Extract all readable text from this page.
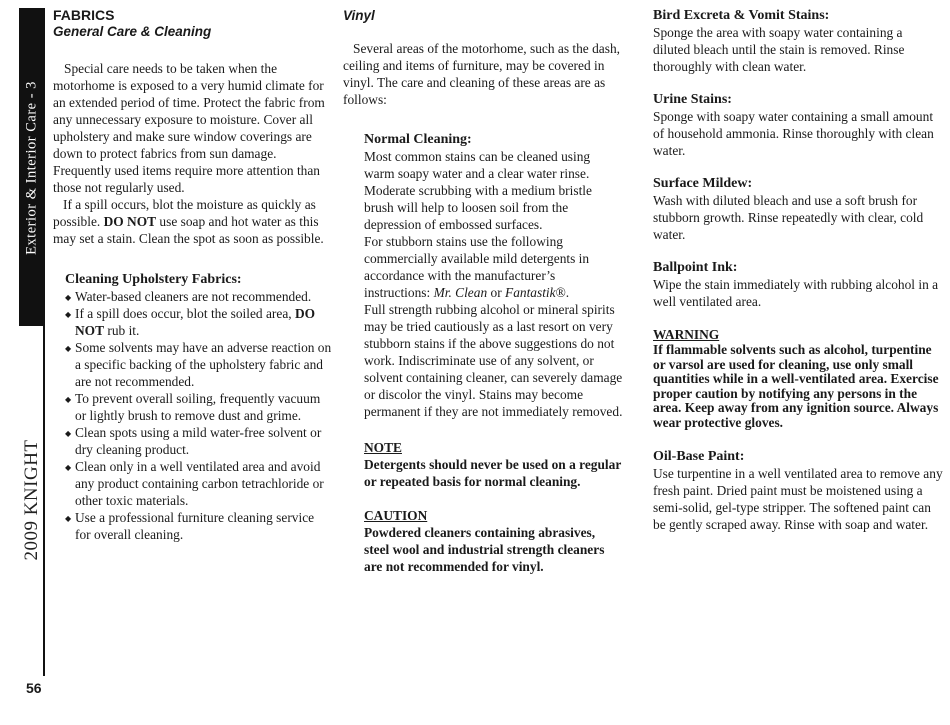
Exterior & Interior Care - 3
2009 KNIGHT
56
FABRICS
General Care & Cleaning

Special care needs to be taken when the motorhome is exposed to a very humid climate for an extended period of time. Protect the fabric from any unnecessary exposure to moisture. Cover all upholstery and make sure window coverings are down to protect fabrics from sun damage. Frequently used items require more attention than those not regularly used.

If a spill occurs, blot the moisture as quickly as possible. DO NOT use soap and hot water as this may set a stain. Clean the spot as soon as possible.

Cleaning Upholstery Fabrics:

◆ Water-based cleaners are not recommended.
◆ If a spill does occur, blot the soiled area, DO NOT rub it.
◆ Some solvents may have an adverse reaction on a specific backing of the upholstery fabric and are not recommended.
◆ To prevent overall soiling, frequently vacuum or lightly brush to remove dust and grime.
◆ Clean spots using a mild water-free solvent or dry cleaning product.
◆ Clean only in a well ventilated area and avoid any product containing carbon tetrachloride or other toxic materials.
◆ Use a professional furniture cleaning service for overall cleaning.
Vinyl

Several areas of the motorhome, such as the dash, ceiling and items of furniture, may be covered in vinyl. The care and cleaning of these areas are as follows:

Normal Cleaning:

Most common stains can be cleaned using warm soapy water and a clear water rinse. Moderate scrubbing with a medium bristle brush will help to loosen soil from the depression of embossed surfaces.

For stubborn stains use the following commercially available mild detergents in accordance with the manufacturer’s instructions: Mr. Clean or Fantastik®.

Full strength rubbing alcohol or mineral spirits may be tried cautiously as a last resort on very stubborn stains if the above suggestions do not work. Indiscriminate use of any solvent, or solvent containing cleaner, can severely damage or discolor the vinyl. Stains may become permanent if they are not immediately removed.

NOTE
Detergents should never be used on a regular or repeated basis for normal cleaning.
CAUTION
Powdered cleaners containing abrasives, steel wool and industrial strength cleaners are not recommended for vinyl.

Bird Excreta & Vomit Stains:

Sponge the area with soapy water containing a diluted bleach until the stain is removed. Rinse thoroughly with clean water.

Urine Stains:

Sponge with soapy water containing a small amount of household ammonia. Rinse thoroughly with clean water.

Surface Mildew:

Wash with diluted bleach and use a soft brush for stubborn growth. Rinse repeatedly with clear, cold water.

Ballpoint Ink:

Wipe the stain immediately with rubbing alcohol in a well ventilated area.

WARNING
If flammable solvents such as alcohol, turpentine or varsol are used for cleaning, use only small quantities while in a well-ventilated area. Exercise proper caution by notifying any persons in the area. Keep away from any ignition source. Always wear protective gloves.

Oil-Base Paint:

Use turpentine in a well ventilated area to remove any fresh paint. Dried paint must be moistened using a semi-solid, gel-type stripper. The softened paint can be gently scraped away. Rinse with soap and water.
